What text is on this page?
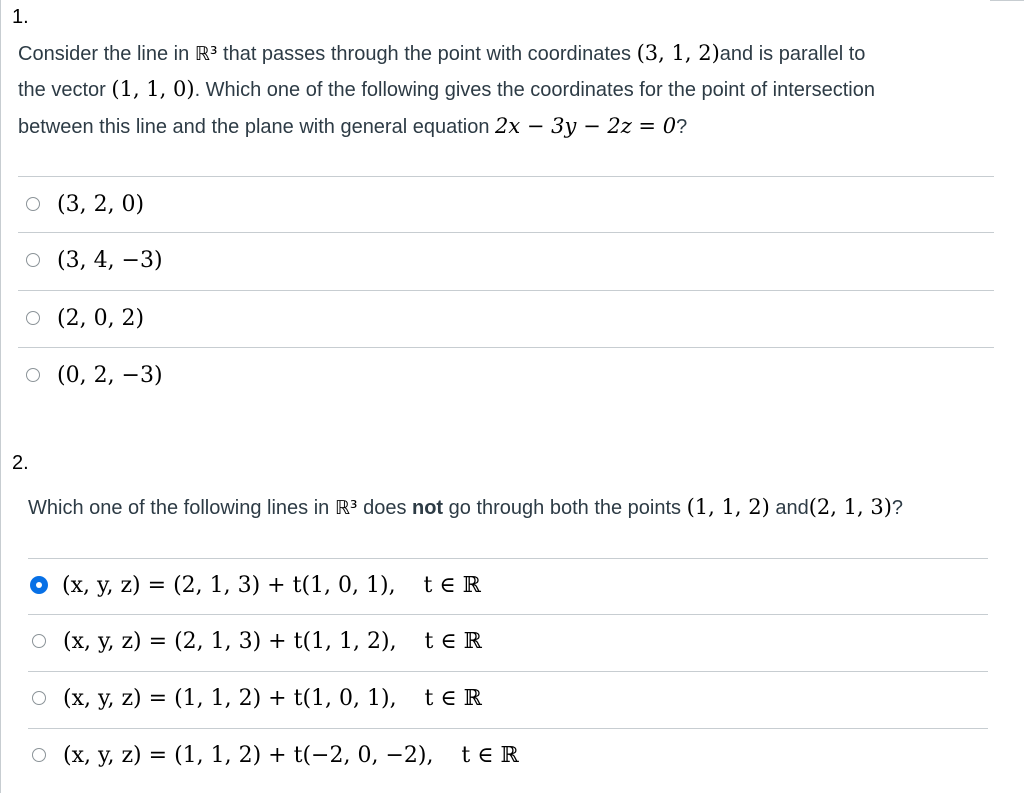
1.
Consider the line in ℝ³ that passes through the point with coordinates (3, 1, 2)and is parallel to
the vector (1, 1, 0). Which one of the following gives the coordinates for the point of intersection
between this line and the plane with general equation 2x − 3y − 2z = 0?
(3, 2, 0)
(3, 4, −3)
(2, 0, 2)
(0, 2, −3)
2.
Which one of the following lines in ℝ³ does not go through both the points (1, 1, 2) and(2, 1, 3)?
(x, y, z) = (2, 1, 3) + t(1, 0, 1),    t ∈ ℝ
(x, y, z) = (2, 1, 3) + t(1, 1, 2),    t ∈ ℝ
(x, y, z) = (1, 1, 2) + t(1, 0, 1),    t ∈ ℝ
(x, y, z) = (1, 1, 2) + t(−2, 0, −2),    t ∈ ℝ
